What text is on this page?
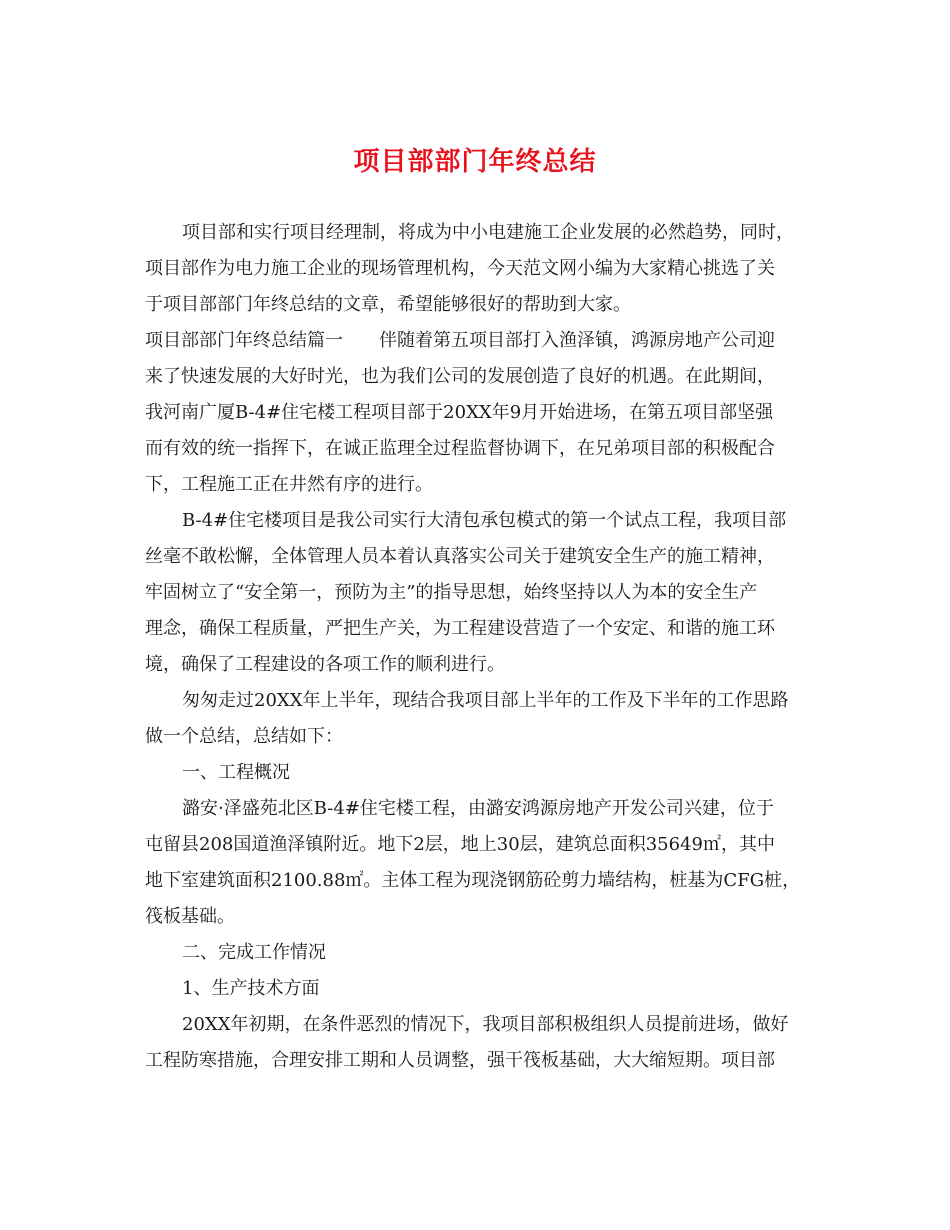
项目部部门年终总结
项目部和实行项目经理制，将成为中小电建施工企业发展的必然趋势，同时，
项目部作为电力施工企业的现场管理机构，今天范文网小编为大家精心挑选了关
于项目部部门年终总结的文章，希望能够很好的帮助到大家。
项目部部门年终总结篇一　　伴随着第五项目部打入渔泽镇，鸿源房地产公司迎
来了快速发展的大好时光，也为我们公司的发展创造了良好的机遇。在此期间，
我河南广厦B-4#住宅楼工程项目部于20XX年9月开始进场，在第五项目部坚强
而有效的统一指挥下，在诚正监理全过程监督协调下，在兄弟项目部的积极配合
下，工程施工正在井然有序的进行。
B-4#住宅楼项目是我公司实行大清包承包模式的第一个试点工程，我项目部
丝毫不敢松懈，全体管理人员本着认真落实公司关于建筑安全生产的施工精神，
牢固树立了“安全第一，预防为主”的指导思想，始终坚持以人为本的安全生产
理念，确保工程质量，严把生产关，为工程建设营造了一个安定、和谐的施工环
境，确保了工程建设的各项工作的顺利进行。
匆匆走过20XX年上半年，现结合我项目部上半年的工作及下半年的工作思路
做一个总结，总结如下：
一、工程概况
潞安·泽盛苑北区B-4#住宅楼工程，由潞安鸿源房地产开发公司兴建，位于
屯留县208国道渔泽镇附近。地下2层，地上30层，建筑总面积35649㎡，其中
地下室建筑面积2100.88㎡。主体工程为现浇钢筋砼剪力墙结构，桩基为CFG桩，
筏板基础。
二、完成工作情况
1、生产技术方面
20XX年初期，在条件恶烈的情况下，我项目部积极组织人员提前进场，做好
工程防寒措施，合理安排工期和人员调整，强干筏板基础，大大缩短期。项目部
